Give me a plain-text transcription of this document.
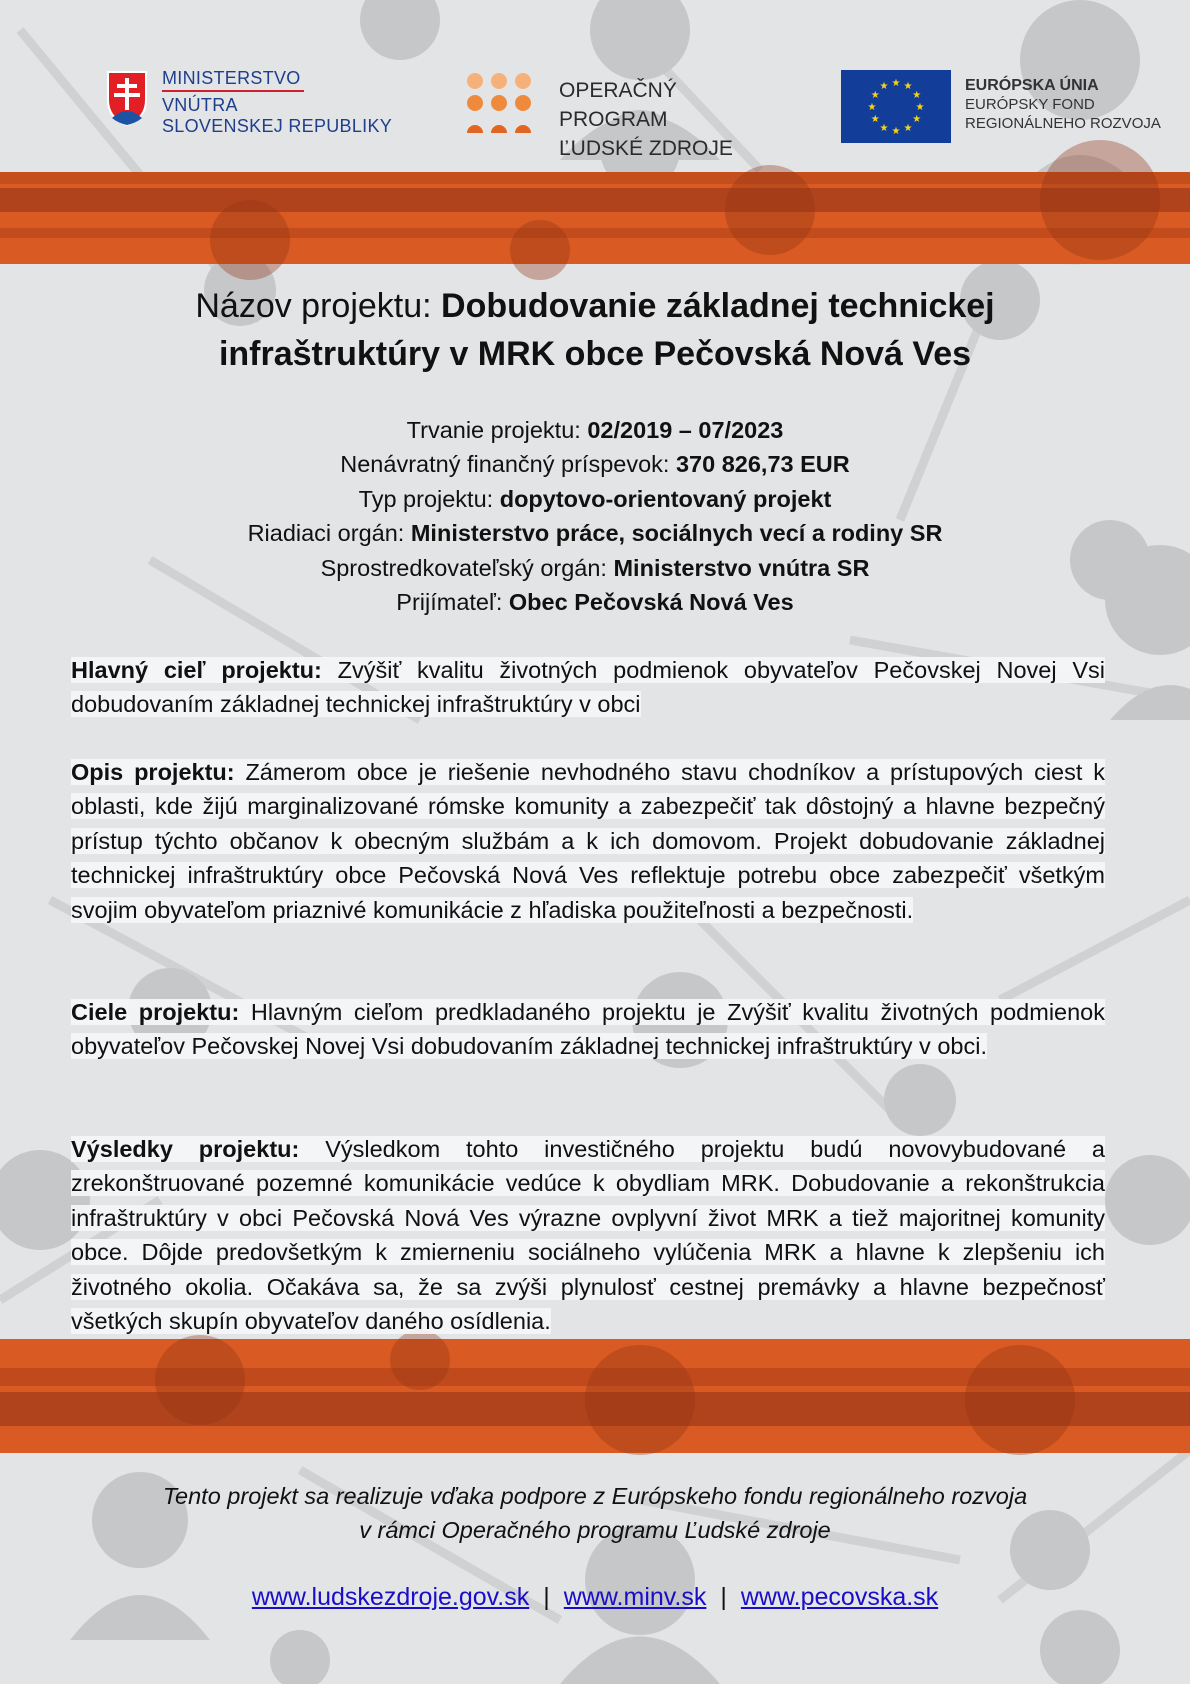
MINISTERSTVO
VNÚTRA
SLOVENSKEJ REPUBLIKY
OPERAČNÝ PROGRAM
ĽUDSKÉ ZDROJE
★ ★
★
★
★
★
★
★
★
★
★
★	EURÓPSKA ÚNIA
EURÓPSKY FOND
REGIONÁLNEHO ROZVOJA
Názov projektu: Dobudovanie základnej technickej
infraštruktúry v MRK obce Pečovská Nová Ves
Trvanie projektu: 02/2019 – 07/2023
Nenávratný finančný príspevok: 370 826,73 EUR
Typ projektu: dopytovo-orientovaný projekt
Riadiaci orgán: Ministerstvo práce, sociálnych vecí a rodiny SR
Sprostredkovateľský orgán: Ministerstvo vnútra SR
Prijímateľ: Obec Pečovská Nová Ves
Hlavný cieľ projektu: Zvýšiť kvalitu životných podmienok obyvateľov Pečovskej Novej Vsi dobudovaním základnej technickej infraštruktúry v obci
Opis projektu: Zámerom obce je riešenie nevhodného stavu chodníkov a prístupových ciest k oblasti, kde žijú marginalizované rómske komunity a zabezpečiť tak dôstojný a hlavne bezpečný prístup týchto občanov k obecným službám a k ich domovom. Projekt dobudovanie základnej technickej infraštruktúry obce Pečovská Nová Ves reflektuje potrebu obce zabezpečiť všetkým svojim obyvateľom priaznivé komunikácie z hľadiska použiteľnosti a bezpečnosti.
Ciele projektu: Hlavným cieľom predkladaného projektu je Zvýšiť kvalitu životných podmienok obyvateľov Pečovskej Novej Vsi dobudovaním základnej technickej infraštruktúry v obci.
Výsledky projektu: Výsledkom tohto investičného projektu budú novovybudované a zrekonštruované pozemné komunikácie vedúce k obydliam MRK. Dobudovanie a rekonštrukcia infraštruktúry v obci Pečovská Nová Ves výrazne ovplyvní život MRK a tiež majoritnej komunity obce. Dôjde predovšetkým k zmierneniu sociálneho vylúčenia MRK a hlavne k zlepšeniu ich životného okolia. Očakáva sa, že sa zvýši plynulosť cestnej premávky a hlavne bezpečnosť všetkých skupín obyvateľov daného osídlenia.
Tento projekt sa realizuje vďaka podpore z Európskeho fondu regionálneho rozvoja
v rámci Operačného programu Ľudské zdroje
www.ludskezdroje.gov.sk | www.minv.sk | www.pecovska.sk
